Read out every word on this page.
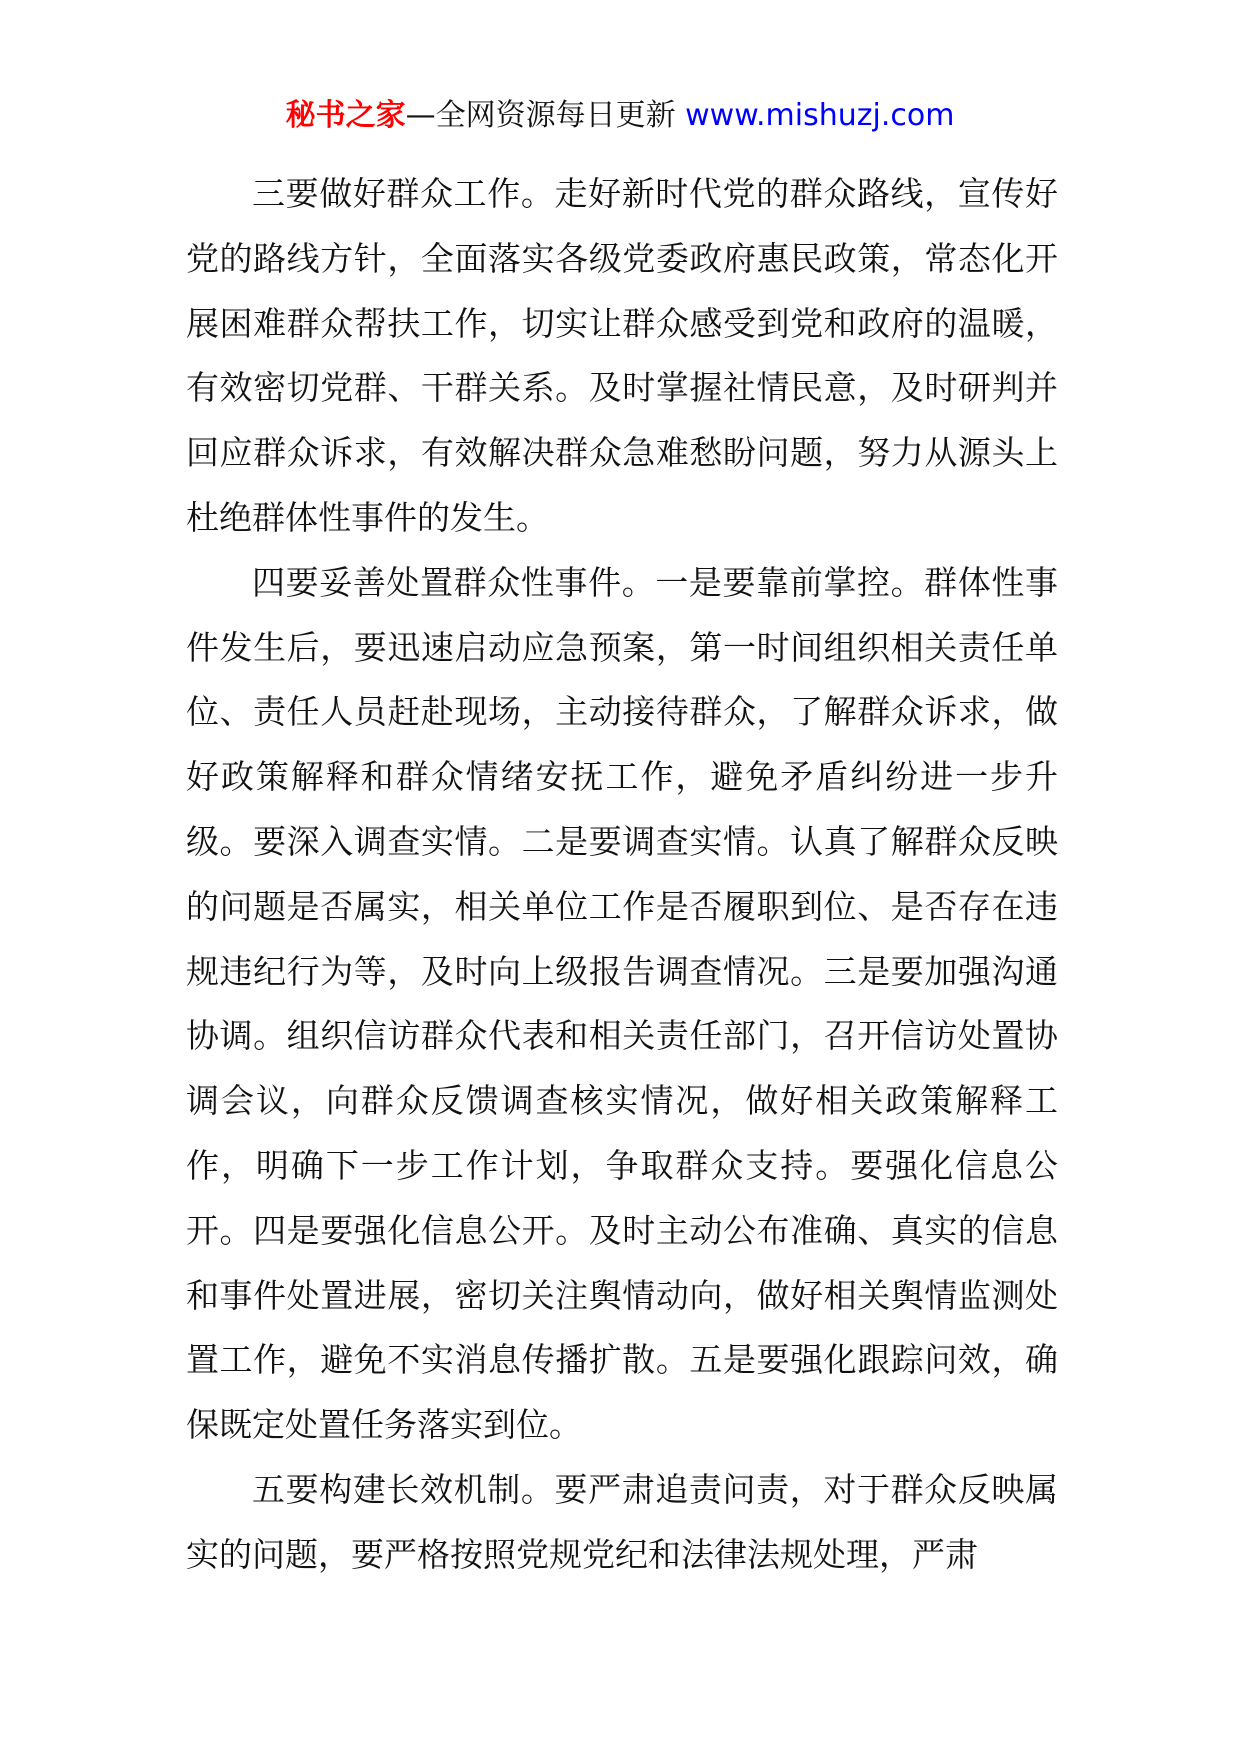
秘书之家—全网资源每日更新 www.mishuzj.com

三要做好群众工作。走好新时代党的群众路线，宣传好党的路线方针，全面落实各级党委政府惠民政策，常态化开展困难群众帮扶工作，切实让群众感受到党和政府的温暖，有效密切党群、干群关系。及时掌握社情民意，及时研判并回应群众诉求，有效解决群众急难愁盼问题，努力从源头上杜绝群体性事件的发生。

四要妥善处置群众性事件。一是要靠前掌控。群体性事件发生后，要迅速启动应急预案，第一时间组织相关责任单位、责任人员赶赴现场，主动接待群众，了解群众诉求，做好政策解释和群众情绪安抚工作，避免矛盾纠纷进一步升级。要深入调查实情。二是要调查实情。认真了解群众反映的问题是否属实，相关单位工作是否履职到位、是否存在违规违纪行为等，及时向上级报告调查情况。三是要加强沟通协调。组织信访群众代表和相关责任部门，召开信访处置协调会议，向群众反馈调查核实情况，做好相关政策解释工作，明确下一步工作计划，争取群众支持。要强化信息公开。四是要强化信息公开。及时主动公布准确、真实的信息和事件处置进展，密切关注舆情动向，做好相关舆情监测处置工作，避免不实消息传播扩散。五是要强化跟踪问效，确保既定处置任务落实到位。

五要构建长效机制。要严肃追责问责，对于群众反映属实的问题，要严格按照党规党纪和法律法规处理，严肃
